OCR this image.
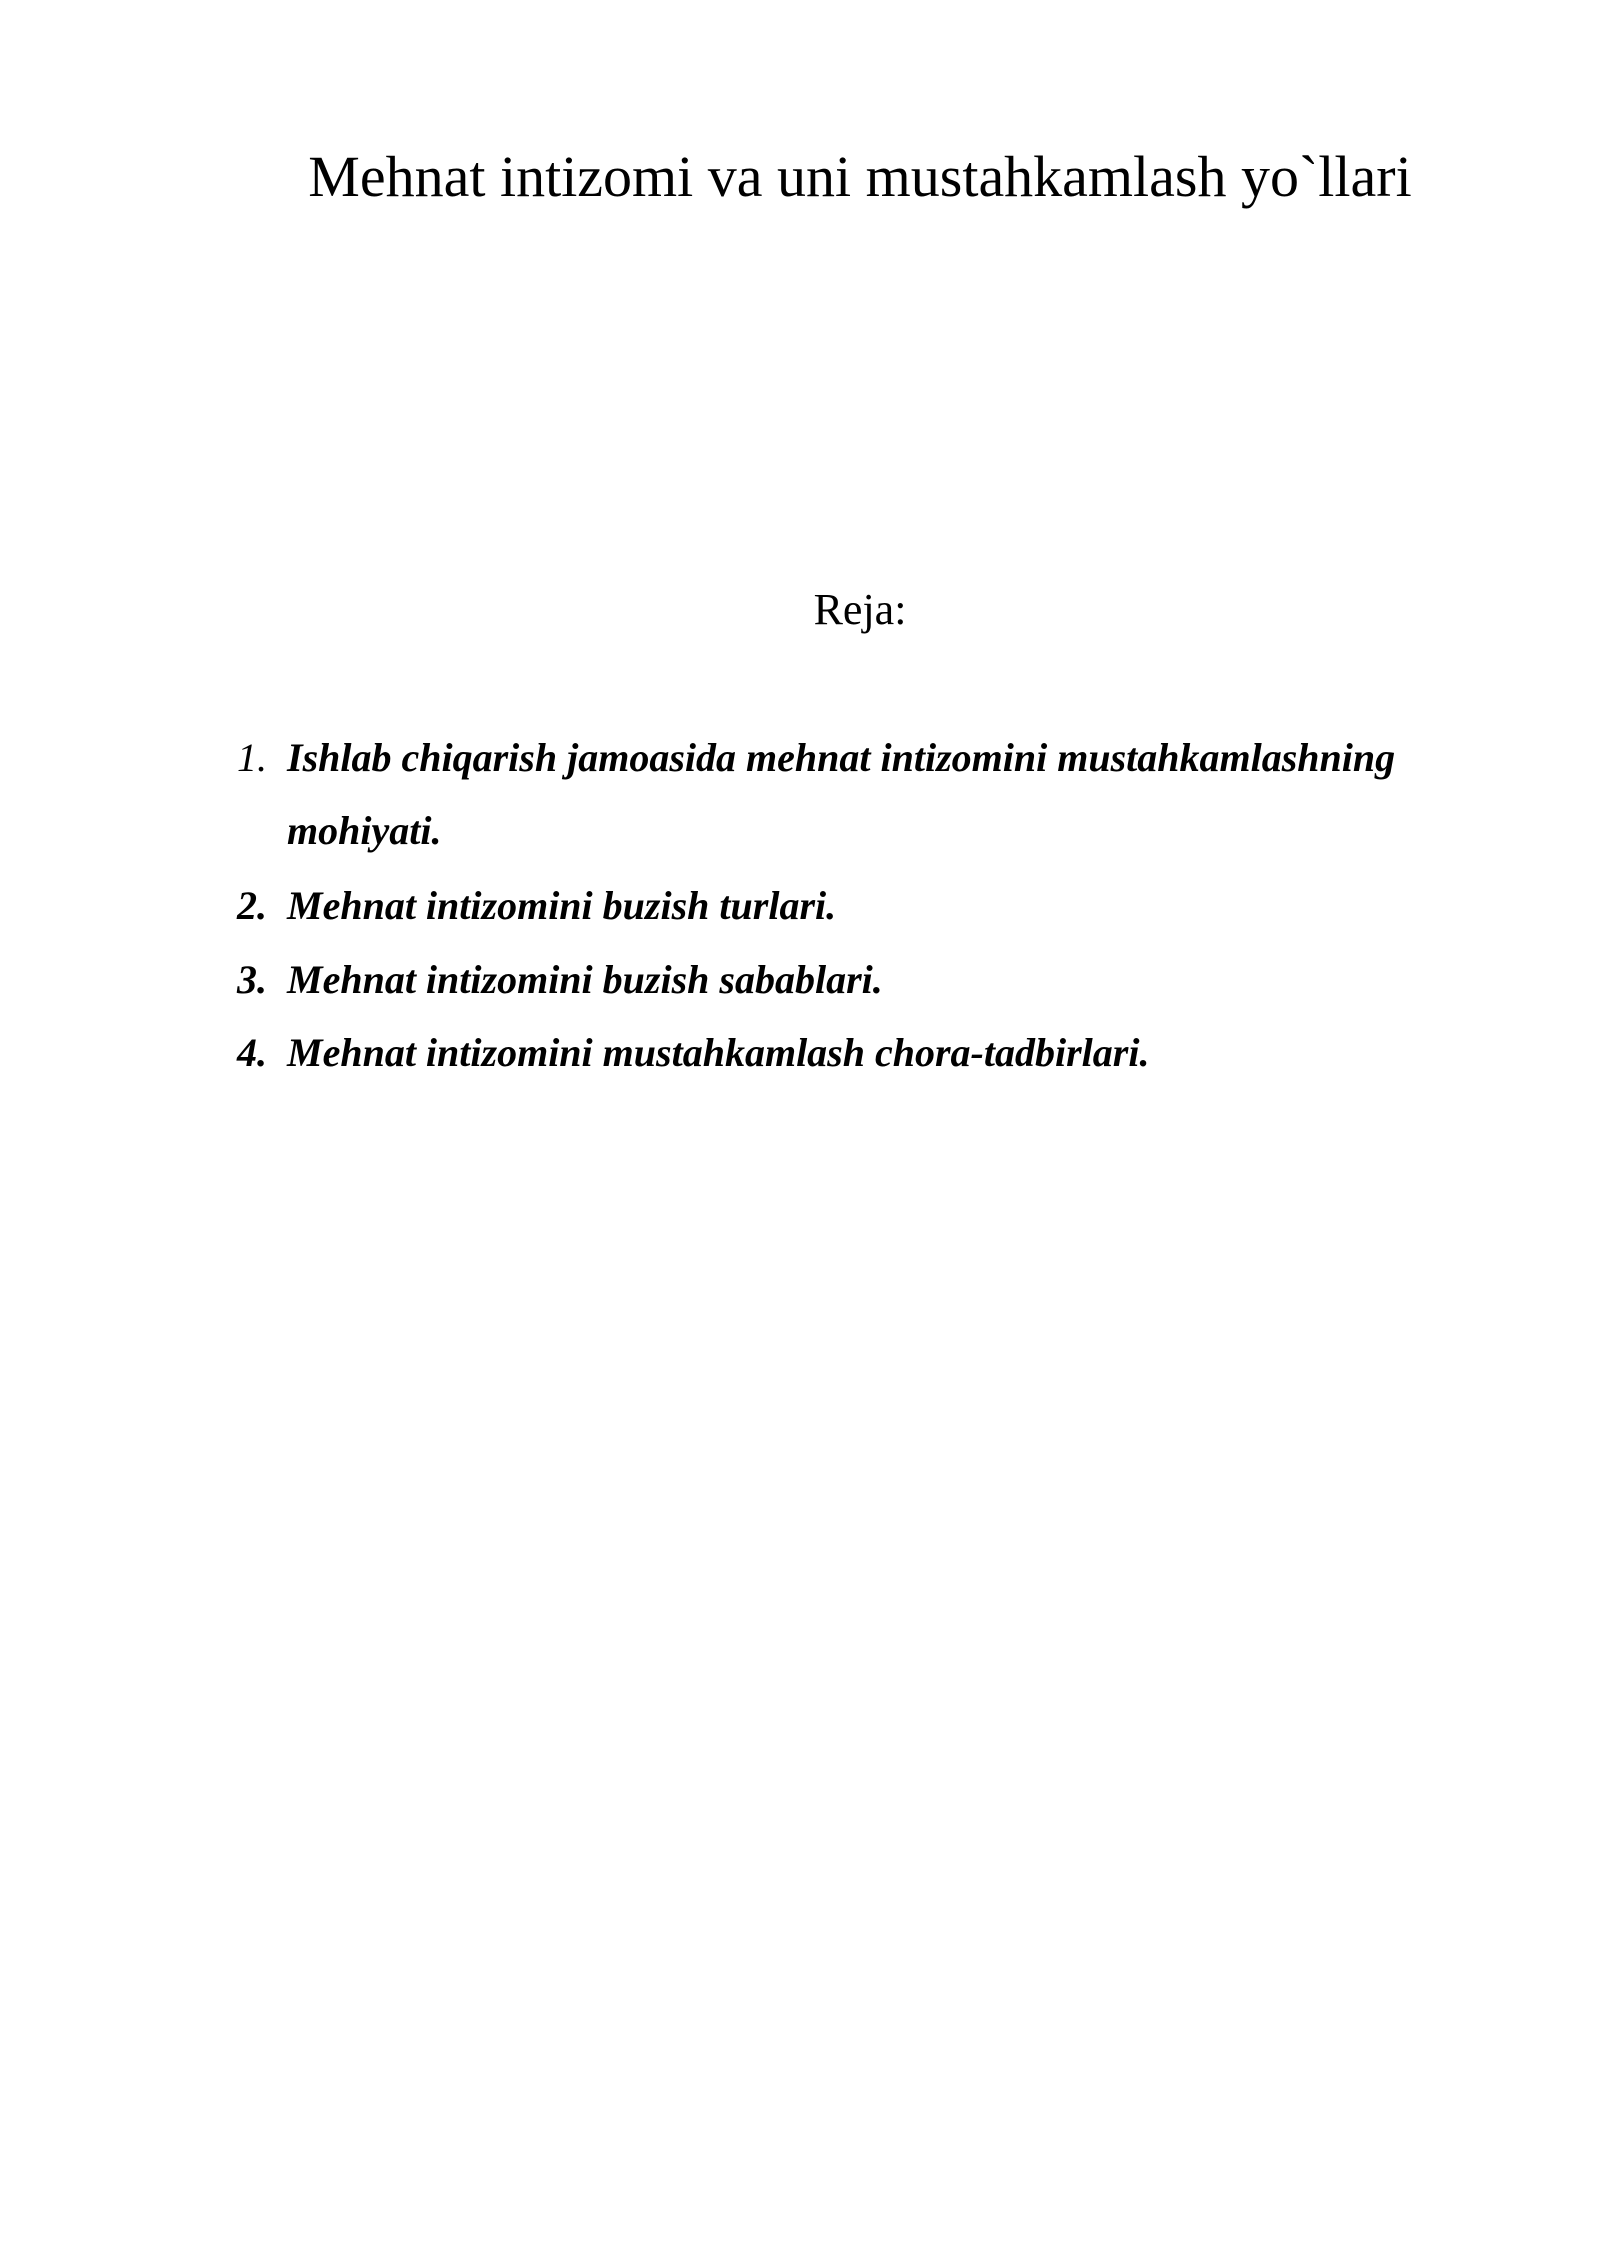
Mehnat intizomi va uni mustahkamlash yo`llari
Reja:
1. Ishlab chiqarish jamoasida mehnat intizomini mustahkamlashning
mohiyati.
2. Mehnat intizomini buzish turlari.
3. Mehnat intizomini buzish sabablari.
4. Mehnat intizomini mustahkamlash chora-tadbirlari.
